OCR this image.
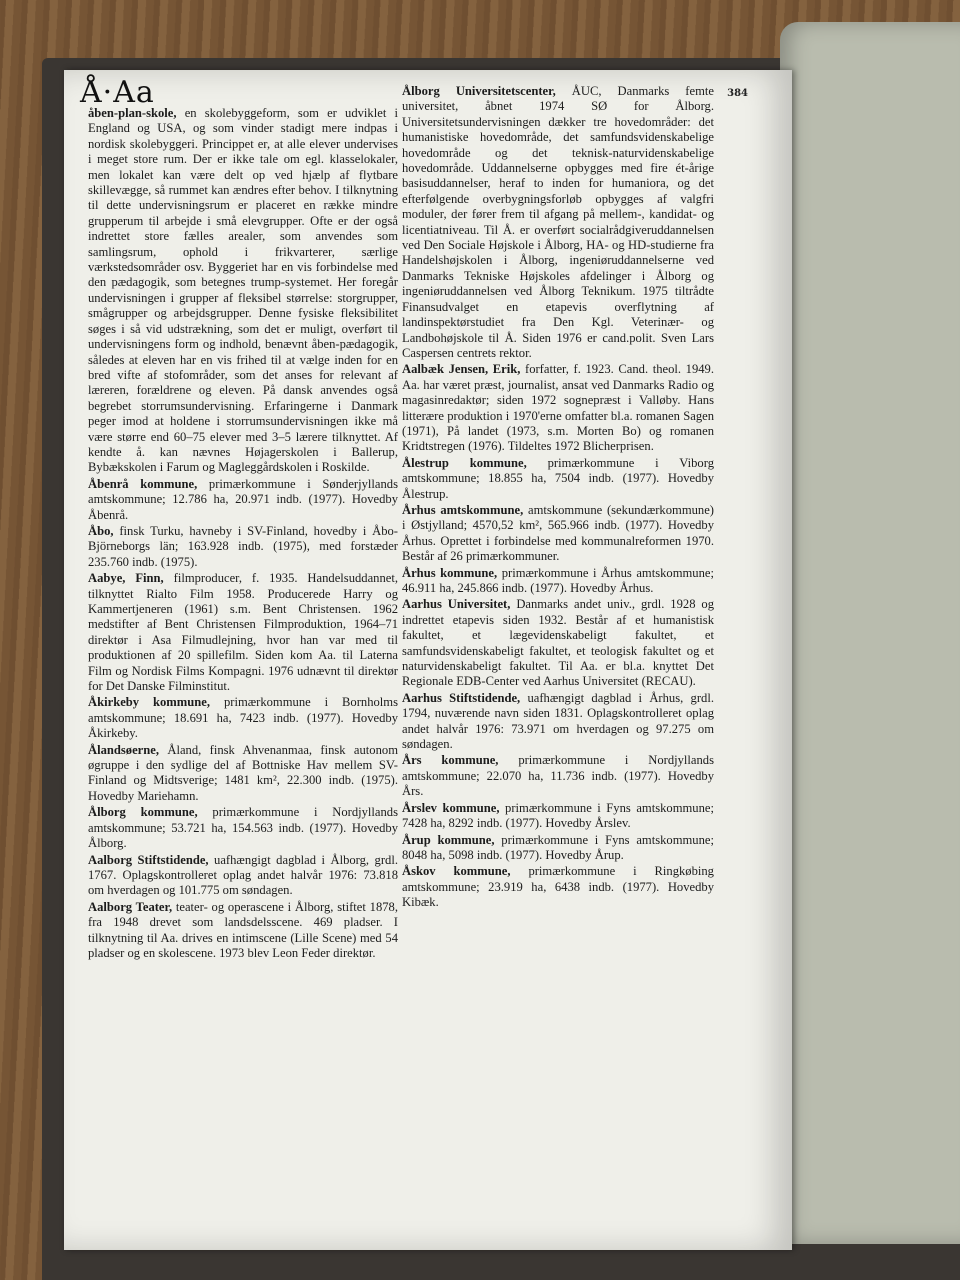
384
Å·Aa
åben-plan-skole, en skolebyggeform, som er udviklet i England og USA, og som vinder stadigt mere indpas i nordisk skolebyggeri. Princippet er, at alle elever undervises i meget store rum. Der er ikke tale om egl. klasselokaler, men lokalet kan være delt op ved hjælp af flytbare skillevægge, så rummet kan ændres efter behov. I tilknytning til dette undervisningsrum er placeret en række mindre grupperum til arbejde i små elevgrupper. Ofte er der også indrettet store fælles arealer, som anvendes som samlingsrum, ophold i frikvarterer, særlige værkstedsområder osv. Byggeriet har en vis forbindelse med den pædagogik, som betegnes trump-systemet. Her foregår undervisningen i grupper af fleksibel størrelse: storgrupper, smågrupper og arbejdsgrupper. Denne fysiske fleksibilitet søges i så vid udstrækning, som det er muligt, overført til undervisningens form og indhold, benævnt åben-pædagogik, således at eleven har en vis frihed til at vælge inden for en bred vifte af stofområder, som det anses for relevant af læreren, forældrene og eleven. På dansk anvendes også begrebet storrumsundervisning. Erfaringerne i Danmark peger imod at holdene i storrumsundervisningen ikke må være større end 60–75 elever med 3–5 lærere tilknyttet. Af kendte å. kan nævnes Højagerskolen i Ballerup, Bybækskolen i Farum og Magleggårdskolen i Roskilde.
Åbenrå kommune, primærkommune i Sønderjyllands amtskommune; 12.786 ha, 20.971 indb. (1977). Hovedby Åbenrå.
Åbo, finsk Turku, havneby i SV-Finland, hovedby i Åbo-Björneborgs län; 163.928 indb. (1975), med forstæder 235.760 indb. (1975).
Aabye, Finn, filmproducer, f. 1935. Handelsuddannet, tilknyttet Rialto Film 1958. Producerede Harry og Kammertjeneren (1961) s.m. Bent Christensen. 1962 medstifter af Bent Christensen Filmproduktion, 1964–71 direktør i Asa Filmudlejning, hvor han var med til produktionen af 20 spillefilm. Siden kom Aa. til Laterna Film og Nordisk Films Kompagni. 1976 udnævnt til direktør for Det Danske Filminstitut.
Åkirkeby kommune, primærkommune i Bornholms amtskommune; 18.691 ha, 7423 indb. (1977). Hovedby Åkirkeby.
Ålandsøerne, Åland, finsk Ahvenanmaa, finsk autonom øgruppe i den sydlige del af Bottniske Hav mellem SV-Finland og Midtsverige; 1481 km², 22.300 indb. (1975). Hovedby Mariehamn.
Ålborg kommune, primærkommune i Nordjyllands amtskommune; 53.721 ha, 154.563 indb. (1977). Hovedby Ålborg.
Aalborg Stiftstidende, uafhængigt dagblad i Ålborg, grdl. 1767. Oplagskontrolleret oplag andet halvår 1976: 73.818 om hverdagen og 101.775 om søndagen.
Aalborg Teater, teater- og operascene i Ålborg, stiftet 1878, fra 1948 drevet som landsdelsscene. 469 pladser. I tilknytning til Aa. drives en intimscene (Lille Scene) med 54 pladser og en skolescene. 1973 blev Leon Feder direktør.
Ålborg Universitetscenter, ÅUC, Danmarks femte universitet, åbnet 1974 SØ for Ålborg. Universitetsundervisningen dækker tre hovedområder: det humanistiske hovedområde, det samfundsvidenskabelige hovedområde og det teknisk-naturvidenskabelige hovedområde. Uddannelserne opbygges med fire ét-årige basisuddannelser, heraf to inden for humaniora, og det efterfølgende overbygningsforløb opbygges af valgfri moduler, der fører frem til afgang på mellem-, kandidat- og licentiatniveau. Til Å. er overført socialrådgiveruddannelsen ved Den Sociale Højskole i Ålborg, HA- og HD-studierne fra Handelshøjskolen i Ålborg, ingeniøruddannelserne ved Danmarks Tekniske Højskoles afdelinger i Ålborg og ingeniøruddannelsen ved Ålborg Teknikum. 1975 tiltrådte Finansudvalget en etapevis overflytning af landinspektørstudiet fra Den Kgl. Veterinær- og Landbohøjskole til Å. Siden 1976 er cand.polit. Sven Lars Caspersen centrets rektor.
Aalbæk Jensen, Erik, forfatter, f. 1923. Cand. theol. 1949. Aa. har været præst, journalist, ansat ved Danmarks Radio og magasinredaktør; siden 1972 sognepræst i Valløby. Hans litterære produktion i 1970'erne omfatter bl.a. romanen Sagen (1971), På landet (1973, s.m. Morten Bo) og romanen Kridtstregen (1976). Tildeltes 1972 Blicherprisen.
Ålestrup kommune, primærkommune i Viborg amtskommune; 18.855 ha, 7504 indb. (1977). Hovedby Ålestrup.
Århus amtskommune, amtskommune (sekundærkommune) i Østjylland; 4570,52 km², 565.966 indb. (1977). Hovedby Århus. Oprettet i forbindelse med kommunalreformen 1970. Består af 26 primærkommuner.
Århus kommune, primærkommune i Århus amtskommune; 46.911 ha, 245.866 indb. (1977). Hovedby Århus.
Aarhus Universitet, Danmarks andet univ., grdl. 1928 og indrettet etapevis siden 1932. Består af et humanistisk fakultet, et lægevidenskabeligt fakultet, et samfundsvidenskabeligt fakultet, et teologisk fakultet og et naturvidenskabeligt fakultet. Til Aa. er bl.a. knyttet Det Regionale EDB-Center ved Aarhus Universitet (RECAU).
Aarhus Stiftstidende, uafhængigt dagblad i Århus, grdl. 1794, nuværende navn siden 1831. Oplagskontrolleret oplag andet halvår 1976: 73.971 om hverdagen og 97.275 om søndagen.
Års kommune, primærkommune i Nordjyllands amtskommune; 22.070 ha, 11.736 indb. (1977). Hovedby Års.
Årslev kommune, primærkommune i Fyns amtskommune; 7428 ha, 8292 indb. (1977). Hovedby Årslev.
Årup kommune, primærkommune i Fyns amtskommune; 8048 ha, 5098 indb. (1977). Hovedby Årup.
Åskov kommune, primærkommune i Ringkøbing amtskommune; 23.919 ha, 6438 indb. (1977). Hovedby Kibæk.
